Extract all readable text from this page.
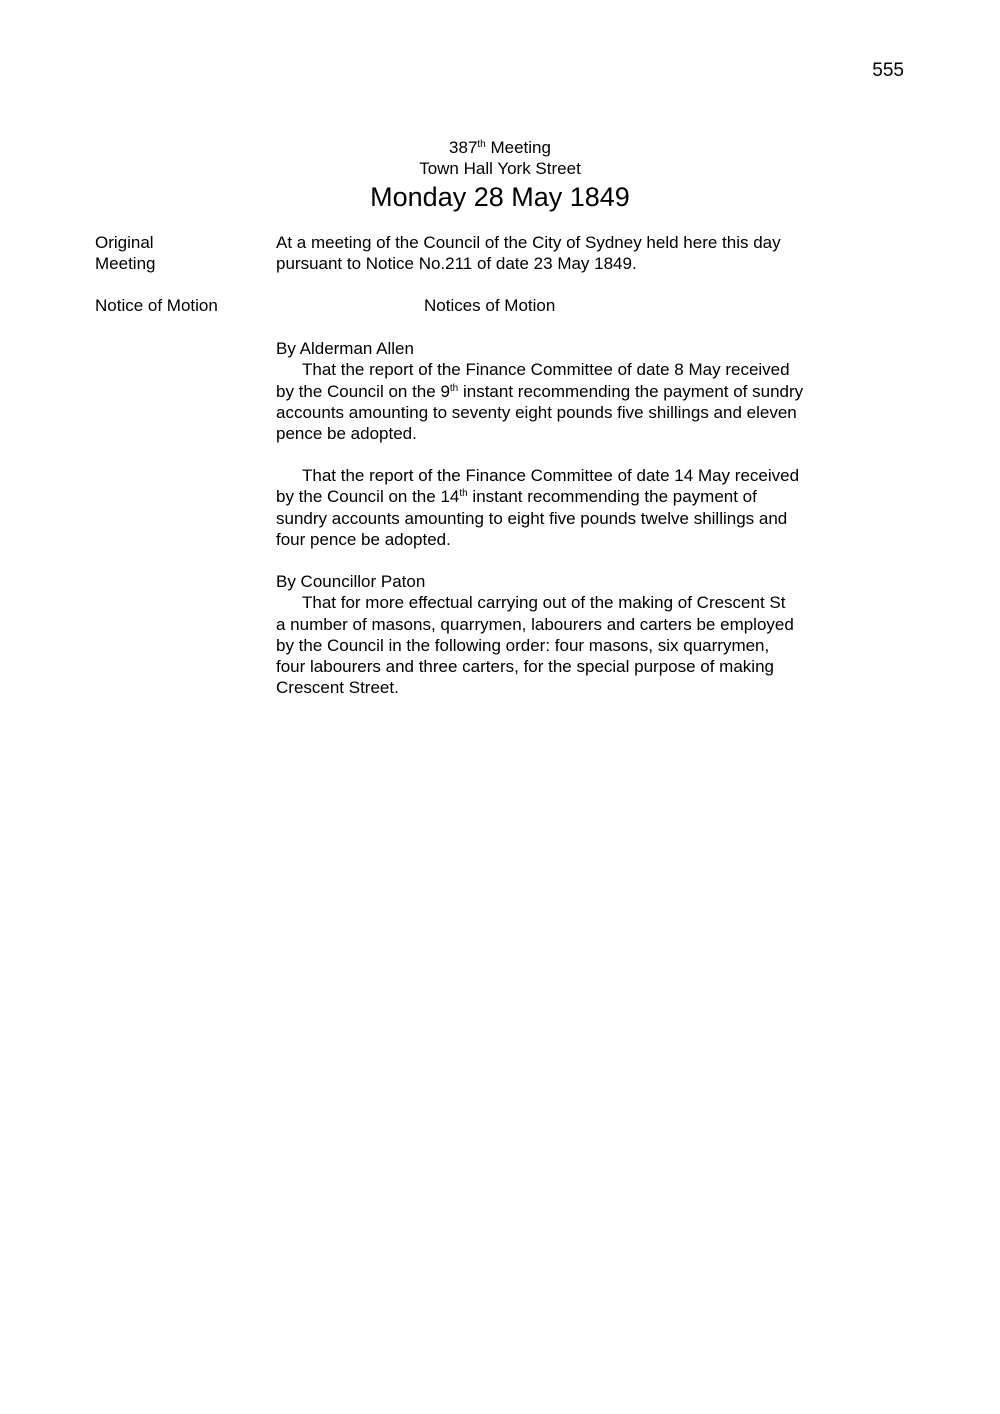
555
387th Meeting
Town Hall York Street
Monday 28 May 1849
Original
Meeting
At a meeting of the Council of the City of Sydney held here this day
pursuant to Notice No.211 of date 23 May 1849.
Notice of Motion	Notices of Motion
By Alderman Allen
That the report of the Finance Committee of date 8 May received
by the Council on the 9th instant recommending the payment of sundry
accounts amounting to seventy eight pounds five shillings and eleven
pence be adopted.
That the report of the Finance Committee of date 14 May received
by the Council on the 14th instant recommending the payment of
sundry accounts amounting to eight five pounds twelve shillings and
four pence be adopted.
By Councillor Paton
That for more effectual carrying out of the making of Crescent St
a number of masons, quarrymen, labourers and carters be employed
by the Council in the following order: four masons, six quarrymen,
four labourers and three carters, for the special purpose of making
Crescent Street.
